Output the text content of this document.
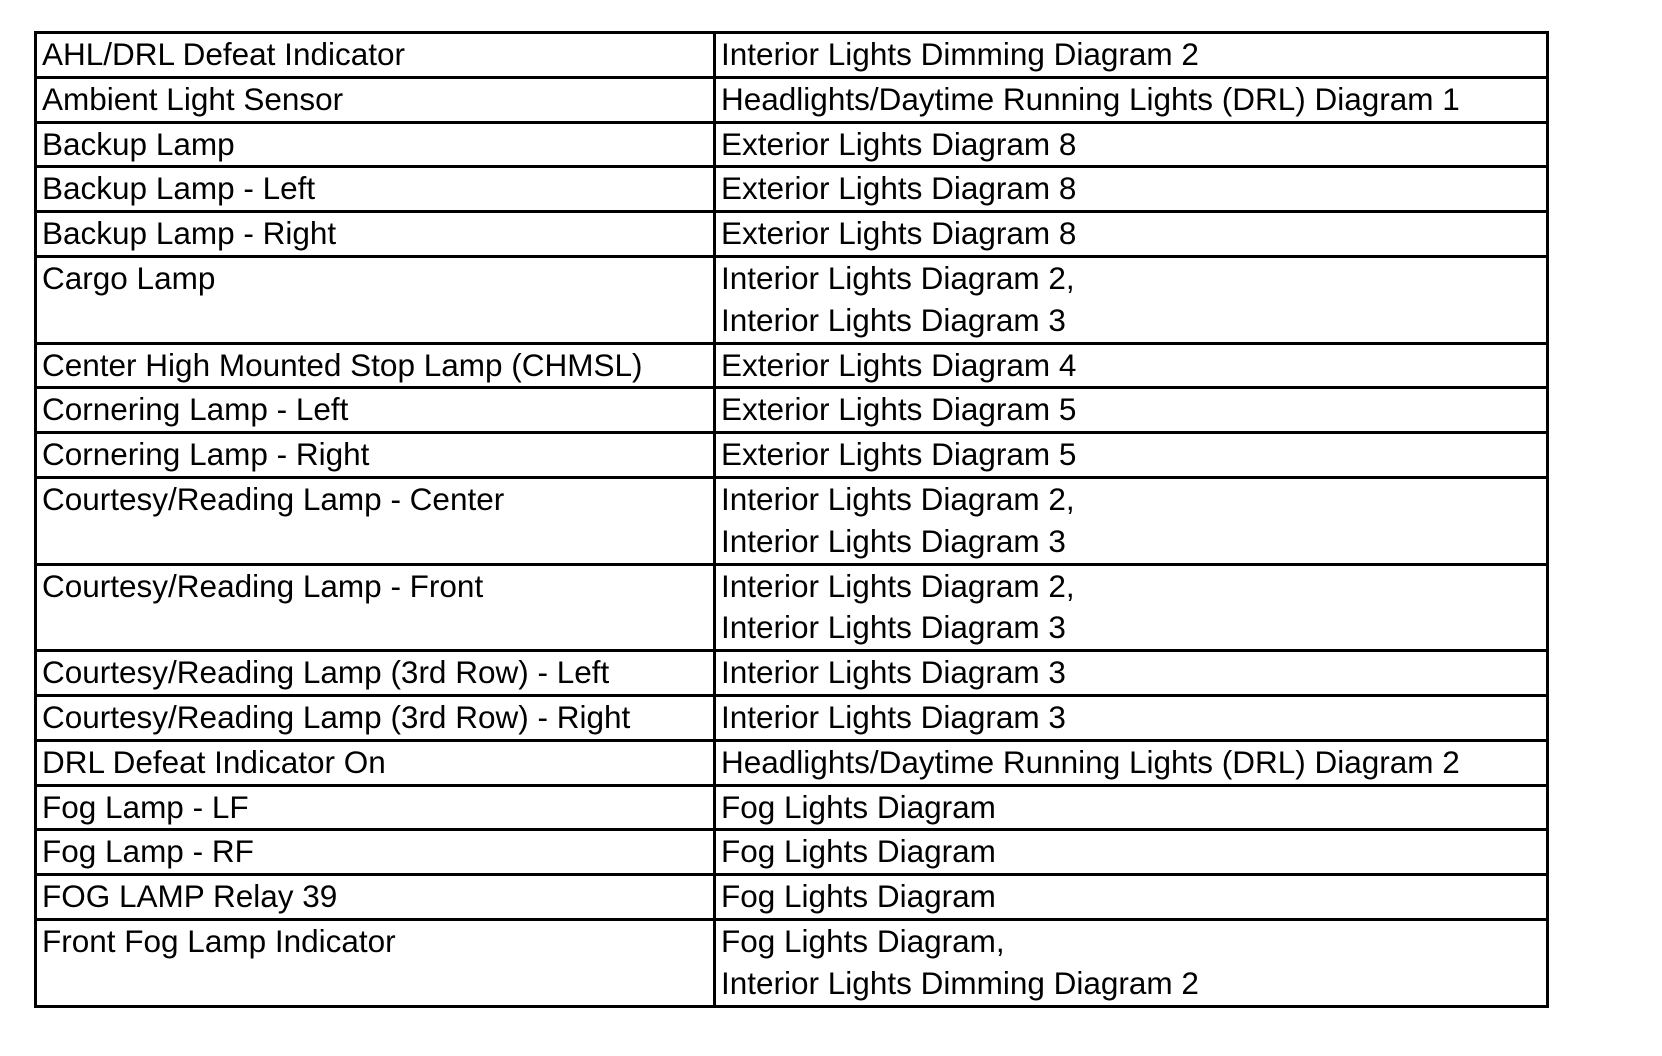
AHL/DRL Defeat Indicator	Interior Lights Dimming Diagram 2

Ambient Light Sensor	Headlights/Daytime Running Lights (DRL) Diagram 1

Backup Lamp	Exterior Lights Diagram 8

Backup Lamp - Left	Exterior Lights Diagram 8

Backup Lamp - Right	Exterior Lights Diagram 8

Cargo Lamp	Interior Lights Diagram 2,
Interior Lights Diagram 3

Center High Mounted Stop Lamp (CHMSL)	Exterior Lights Diagram 4

Cornering Lamp - Left	Exterior Lights Diagram 5

Cornering Lamp - Right	Exterior Lights Diagram 5

Courtesy/Reading Lamp - Center	Interior Lights Diagram 2,
Interior Lights Diagram 3

Courtesy/Reading Lamp - Front	Interior Lights Diagram 2,
Interior Lights Diagram 3

Courtesy/Reading Lamp (3rd Row) - Left	Interior Lights Diagram 3

Courtesy/Reading Lamp (3rd Row) - Right	Interior Lights Diagram 3

DRL Defeat Indicator On	Headlights/Daytime Running Lights (DRL) Diagram 2

Fog Lamp - LF	Fog Lights Diagram

Fog Lamp - RF	Fog Lights Diagram

FOG LAMP Relay 39	Fog Lights Diagram

Front Fog Lamp Indicator	Fog Lights Diagram,
Interior Lights Dimming Diagram 2
